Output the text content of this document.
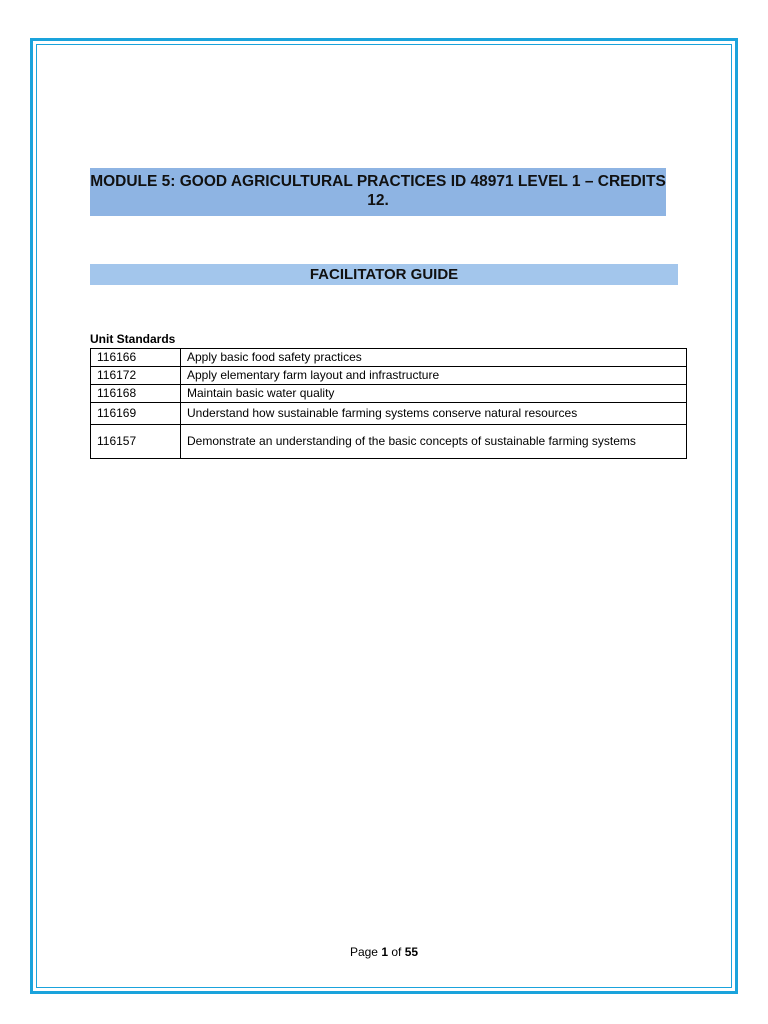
MODULE 5: GOOD AGRICULTURAL PRACTICES ID 48971 LEVEL 1 – CREDITS 12.
FACILITATOR GUIDE
Unit Standards
116166	Apply basic food safety practices
116172	Apply elementary farm layout and infrastructure
116168	Maintain basic water quality
116169	Understand how sustainable farming systems conserve natural resources
116157	Demonstrate an understanding of the basic concepts of sustainable farming systems
Page 1 of 55
